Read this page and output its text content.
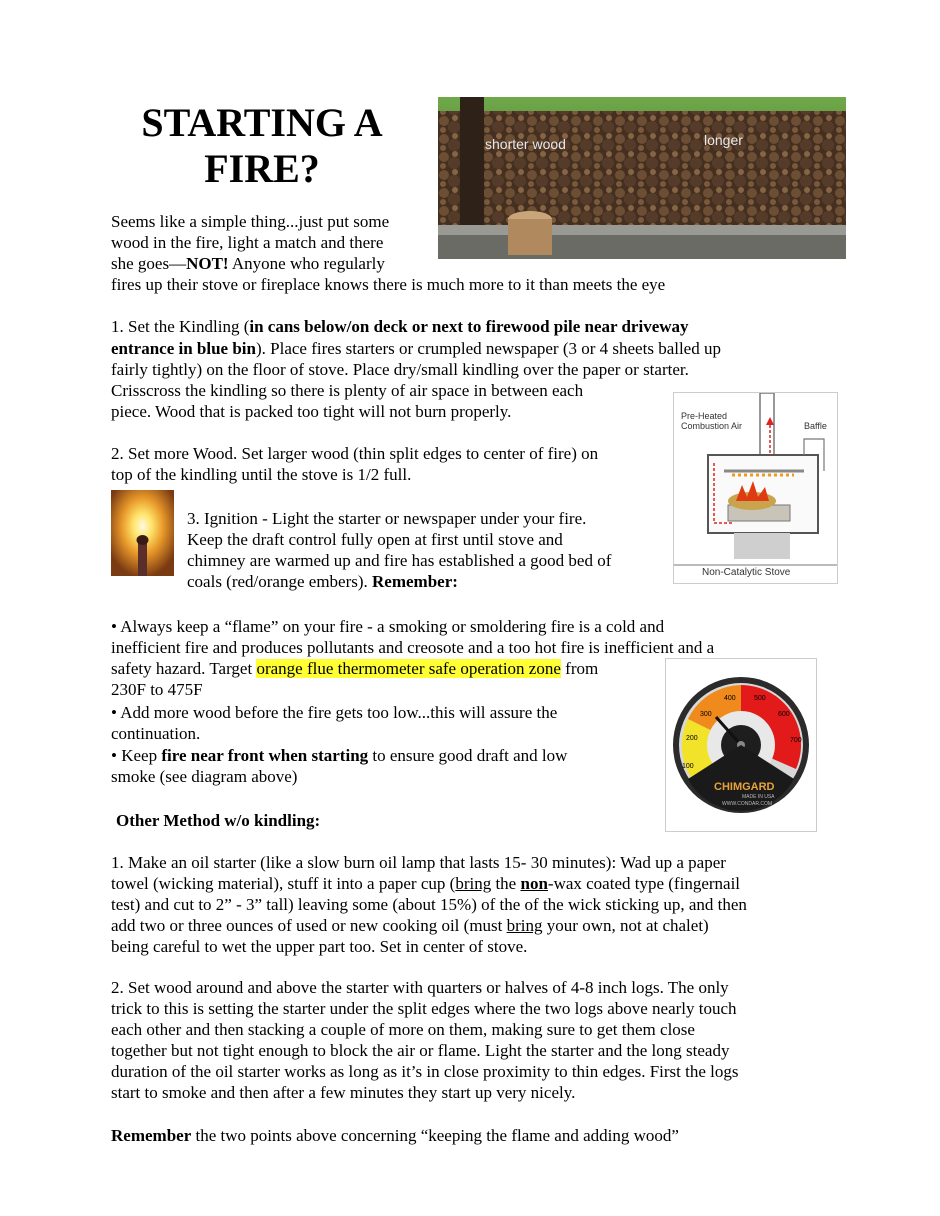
STARTING A
FIRE?
shorter wood	longer
Seems like a simple thing...just put some
wood in the fire, light a match and there
she goes—NOT! Anyone who regularly
fires up their stove or fireplace knows there is much more to it than meets the eye
1. Set the Kindling (in cans below/on deck or next to firewood pile near driveway
entrance in blue bin). Place fires starters or crumpled newspaper (3 or 4 sheets balled up
fairly tightly) on the floor of stove. Place dry/small kindling over the paper or starter.
Crisscross the kindling so there is plenty of air space in between each
piece. Wood that is packed too tight will not burn properly.
2. Set more Wood. Set larger wood (thin split edges to center of fire) on
top of the kindling until the stove is 1/2 full.
3. Ignition - Light the starter or newspaper under your fire.
Keep the draft control fully open at first until stove and
chimney are warmed up and fire has established a good bed of
coals (red/orange embers). Remember:
Pre-Heated
Combustion Air	Baffle
Non-Catalytic Stove
• Always keep a “flame” on your fire - a smoking or smoldering fire is a cold and
inefficient fire and produces pollutants and creosote and a too hot fire is inefficient and a
safety hazard. Target orange flue thermometer safe operation zone from
230F to 475F
• Add more wood before the fire gets too low...this will assure the
continuation.
• Keep fire near front when starting to ensure good draft and low
smoke (see diagram above)
CHIMGARD
MADE IN USA
WWW.CONDAR.COM
100
200
300
400	500
600
700
Other Method w/o kindling:
1. Make an oil starter (like a slow burn oil lamp that lasts 15- 30 minutes): Wad up a paper
towel (wicking material), stuff it into a paper cup (bring the non-wax coated type (fingernail
test) and cut to 2” - 3” tall) leaving some (about 15%) of the of the wick sticking up, and then
add two or three ounces of used or new cooking oil (must bring your own, not at chalet)
being careful to wet the upper part too. Set in center of stove.
2. Set wood around and above the starter with quarters or halves of 4-8 inch logs. The only
trick to this is setting the starter under the split edges where the two logs above nearly touch
each other and then stacking a couple of more on them, making sure to get them close
together but not tight enough to block the air or flame. Light the starter and the long steady
duration of the oil starter works as long as it’s in close proximity to thin edges. First the logs
start to smoke and then after a few minutes they start up very nicely.
Remember the two points above concerning “keeping the flame and adding wood”
